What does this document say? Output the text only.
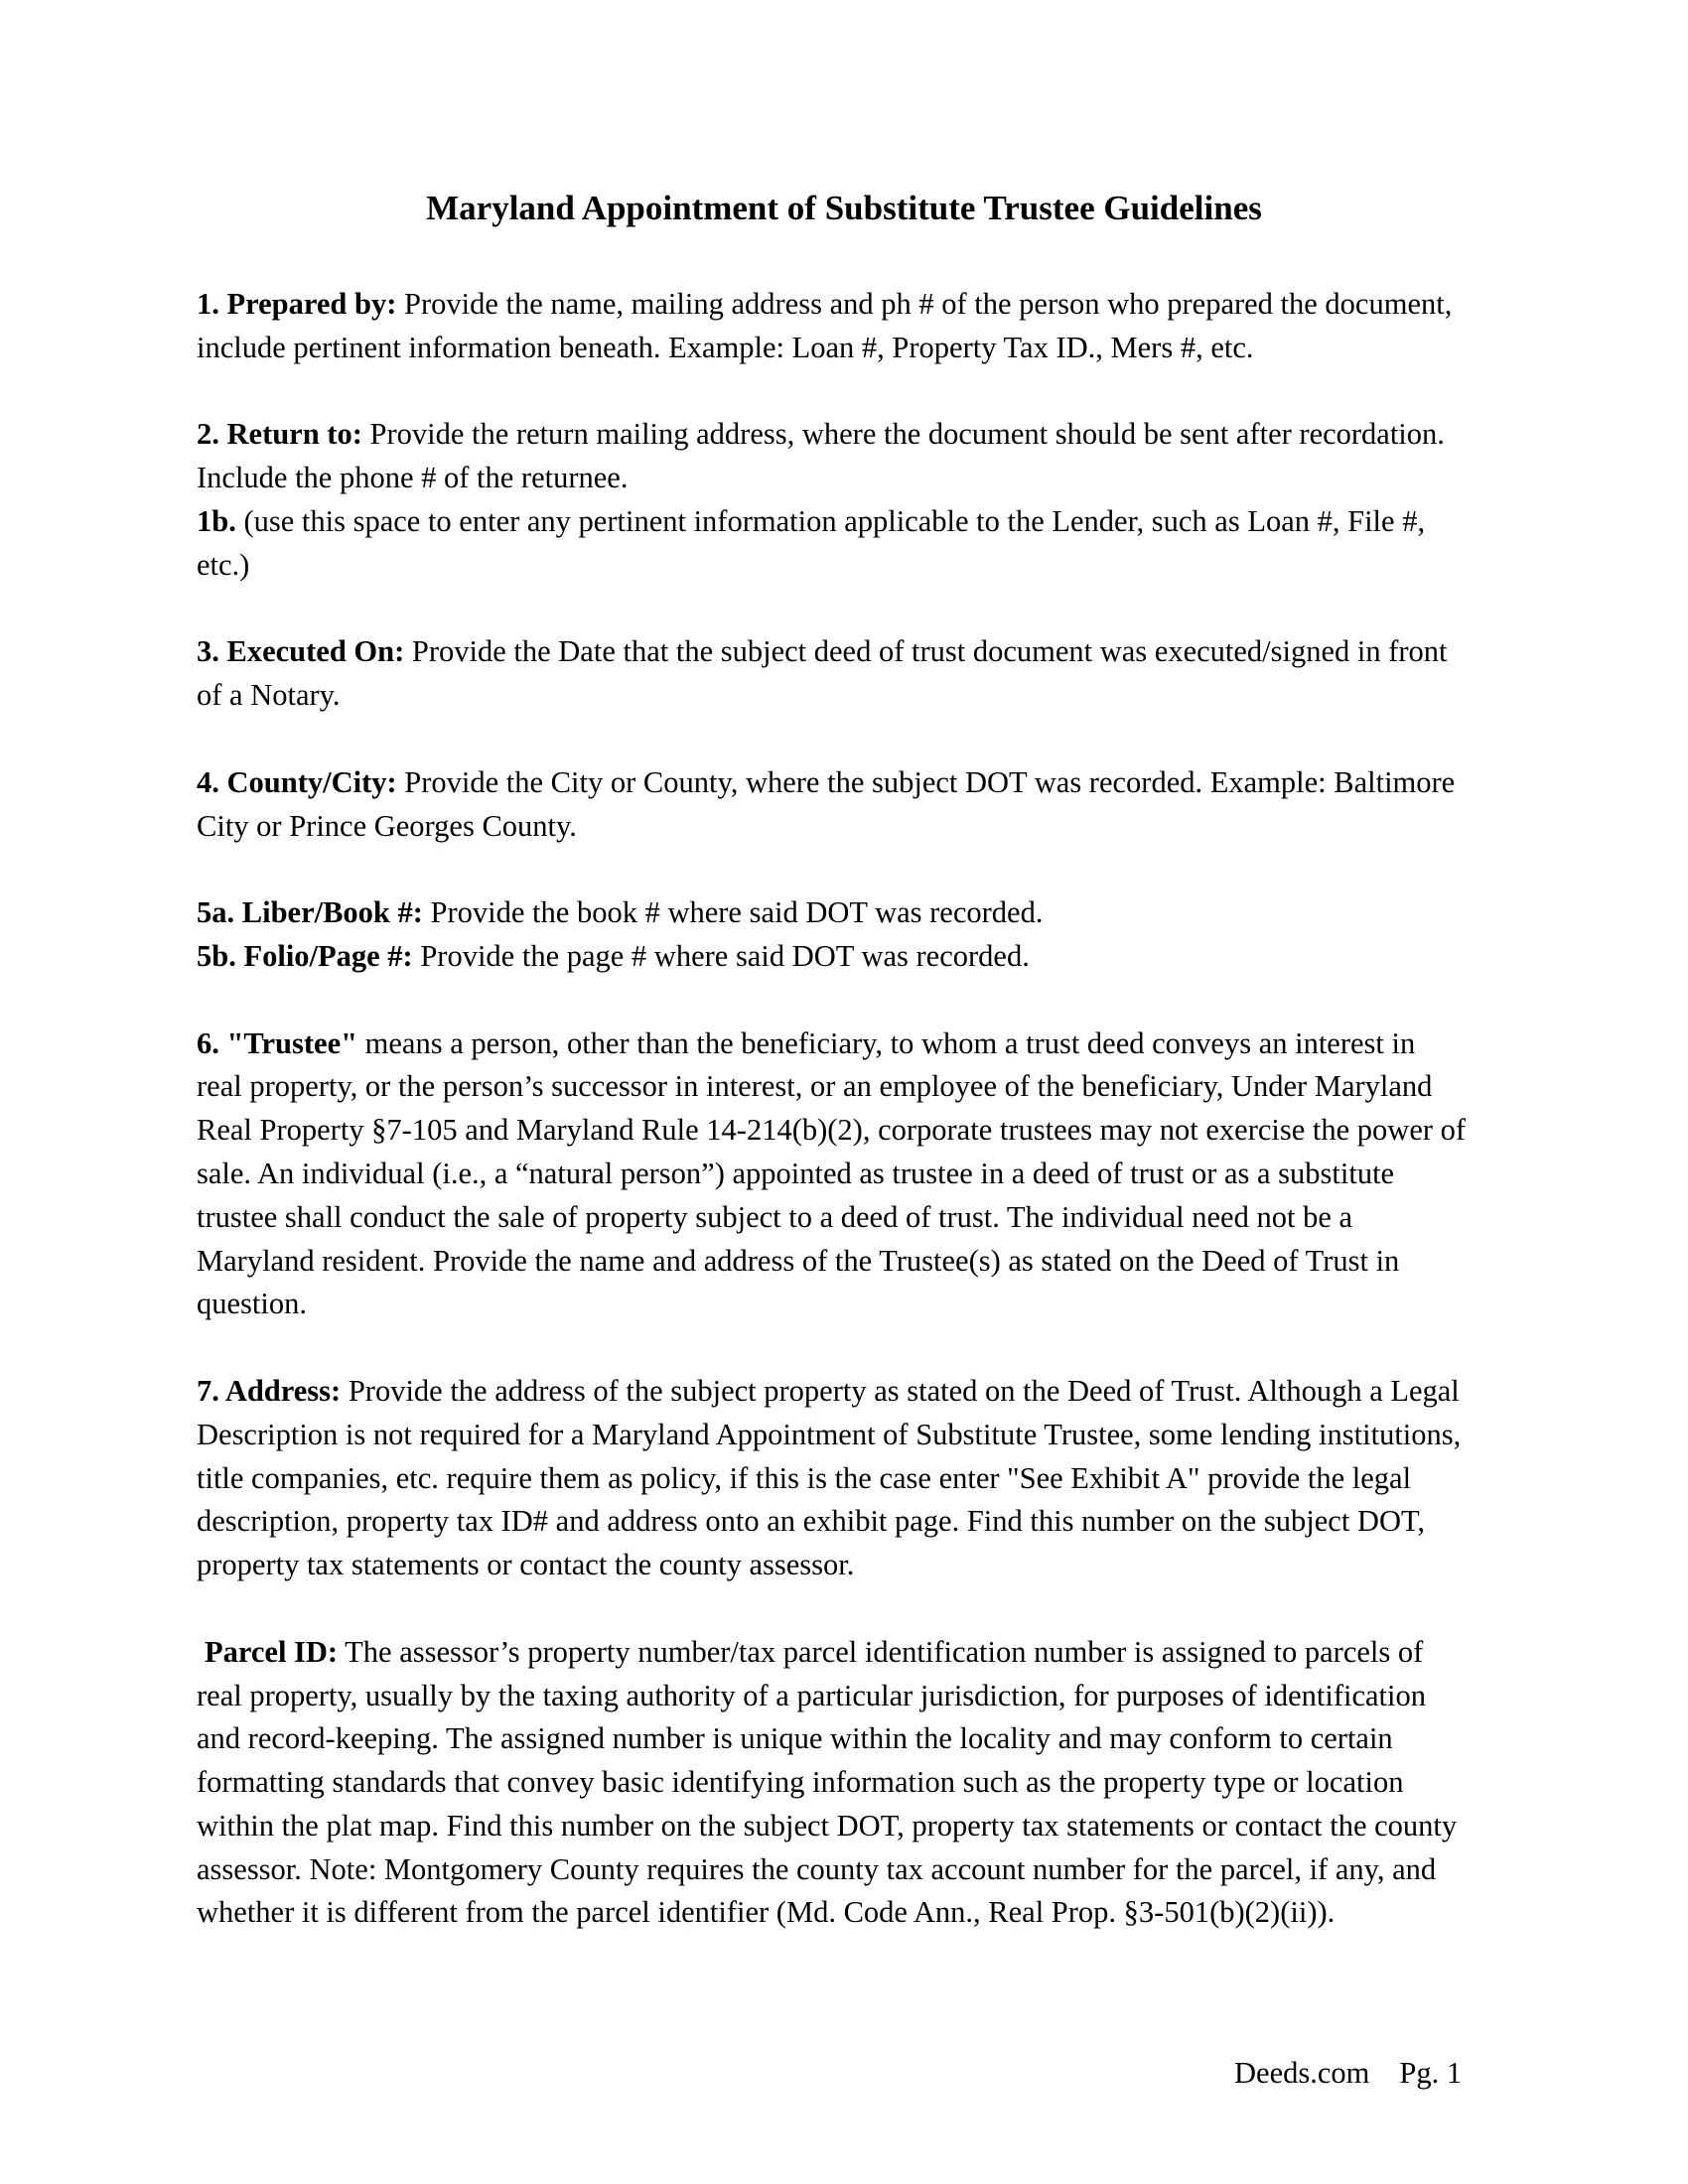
Maryland Appointment of Substitute Trustee Guidelines
1. Prepared by: Provide the name, mailing address and ph # of the person who prepared the document,
include pertinent information beneath. Example: Loan #, Property Tax ID., Mers #, etc.
2. Return to: Provide the return mailing address, where the document should be sent after recordation.
Include the phone # of the returnee.
1b. (use this space to enter any pertinent information applicable to the Lender, such as Loan #, File #,
etc.)
3. Executed On: Provide the Date that the subject deed of trust document was executed/signed in front
of a Notary.
4. County/City: Provide the City or County, where the subject DOT was recorded. Example: Baltimore
City or Prince Georges County.
5a. Liber/Book #: Provide the book # where said DOT was recorded.
5b. Folio/Page #: Provide the page # where said DOT was recorded.
6. "Trustee" means a person, other than the beneficiary, to whom a trust deed conveys an interest in
real property, or the person’s successor in interest, or an employee of the beneficiary, Under Maryland
Real Property §7-105 and Maryland Rule 14-214(b)(2), corporate trustees may not exercise the power of
sale. An individual (i.e., a “natural person”) appointed as trustee in a deed of trust or as a substitute
trustee shall conduct the sale of property subject to a deed of trust. The individual need not be a
Maryland resident. Provide the name and address of the Trustee(s) as stated on the Deed of Trust in
question.
7. Address: Provide the address of the subject property as stated on the Deed of Trust. Although a Legal
Description is not required for a Maryland Appointment of Substitute Trustee, some lending institutions,
title companies, etc. require them as policy, if this is the case enter "See Exhibit A" provide the legal
description, property tax ID# and address onto an exhibit page. Find this number on the subject DOT,
property tax statements or contact the county assessor.
Parcel ID: The assessor’s property number/tax parcel identification number is assigned to parcels of
real property, usually by the taxing authority of a particular jurisdiction, for purposes of identification
and record-keeping. The assigned number is unique within the locality and may conform to certain
formatting standards that convey basic identifying information such as the property type or location
within the plat map. Find this number on the subject DOT, property tax statements or contact the county
assessor. Note: Montgomery County requires the county tax account number for the parcel, if any, and
whether it is different from the parcel identifier (Md. Code Ann., Real Prop. §3-501(b)(2)(ii)).
Deeds.com Pg. 1
